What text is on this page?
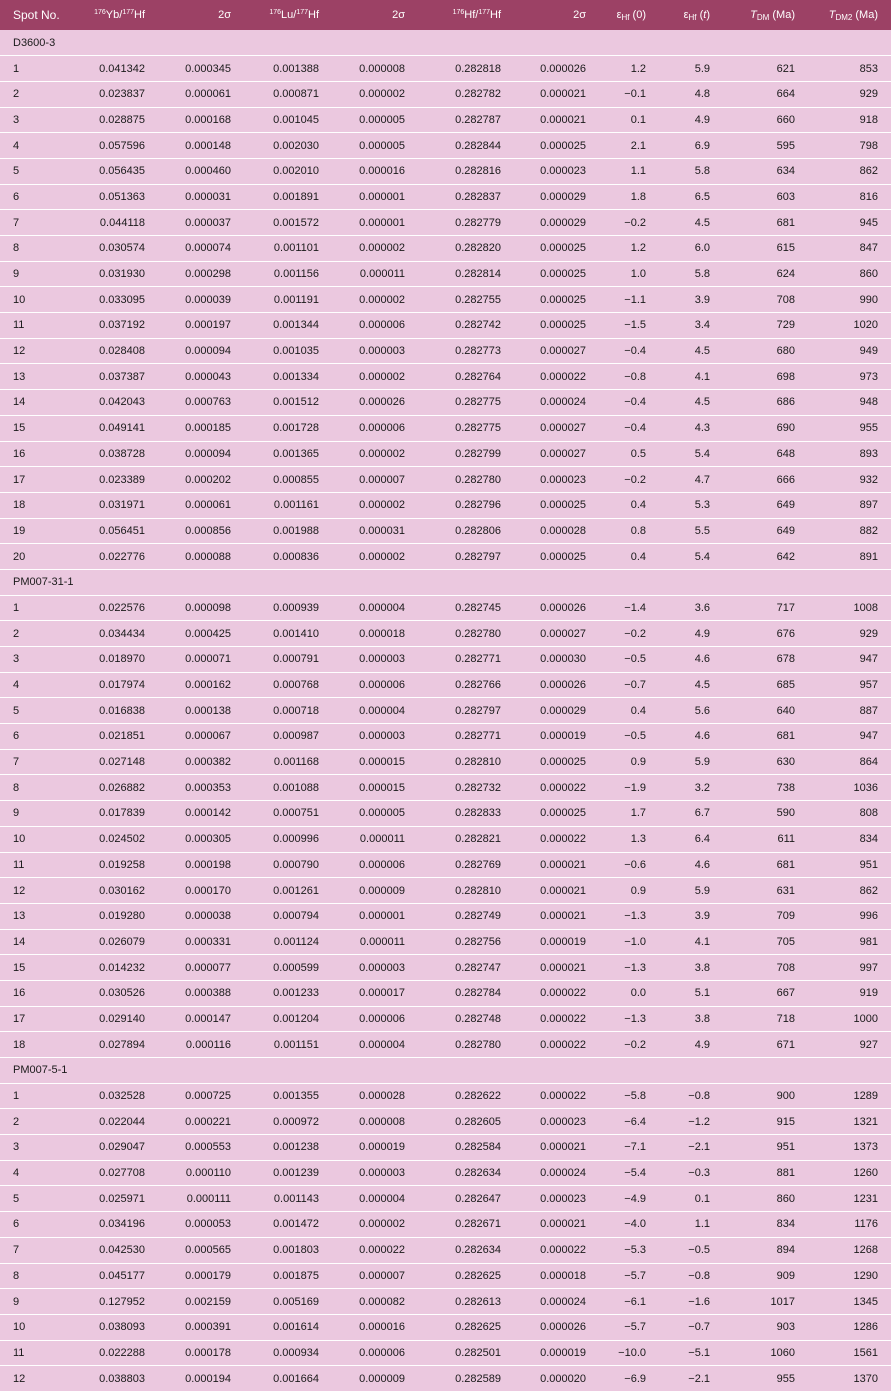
Spot No.	$^{176}$Yb/$^{177}$Hf	2σ	$^{176}$Lu/$^{177}$Hf	2σ	$^{176}$Hf/$^{177}$Hf	2σ	$\varepsilon_{Hf}$ (0)	$\varepsilon_{Hf}$ (t)	$T_{DM}$ (Ma)	$T_{DM2}$ (Ma)
D3600-3										
1	0.041342	0.000345	0.001388	0.000008	0.282818	0.000026	1.2	5.9	621	853
2	0.023837	0.000061	0.000871	0.000002	0.282782	0.000021	−0.1	4.8	664	929
3	0.028875	0.000168	0.001045	0.000005	0.282787	0.000021	0.1	4.9	660	918
4	0.057596	0.000148	0.002030	0.000005	0.282844	0.000025	2.1	6.9	595	798
5	0.056435	0.000460	0.002010	0.000016	0.282816	0.000023	1.1	5.8	634	862
6	0.051363	0.000031	0.001891	0.000001	0.282837	0.000029	1.8	6.5	603	816
7	0.044118	0.000037	0.001572	0.000001	0.282779	0.000029	−0.2	4.5	681	945
8	0.030574	0.000074	0.001101	0.000002	0.282820	0.000025	1.2	6.0	615	847
9	0.031930	0.000298	0.001156	0.000011	0.282814	0.000025	1.0	5.8	624	860
10	0.033095	0.000039	0.001191	0.000002	0.282755	0.000025	−1.1	3.9	708	990
11	0.037192	0.000197	0.001344	0.000006	0.282742	0.000025	−1.5	3.4	729	1020
12	0.028408	0.000094	0.001035	0.000003	0.282773	0.000027	−0.4	4.5	680	949
13	0.037387	0.000043	0.001334	0.000002	0.282764	0.000022	−0.8	4.1	698	973
14	0.042043	0.000763	0.001512	0.000026	0.282775	0.000024	−0.4	4.5	686	948
15	0.049141	0.000185	0.001728	0.000006	0.282775	0.000027	−0.4	4.3	690	955
16	0.038728	0.000094	0.001365	0.000002	0.282799	0.000027	0.5	5.4	648	893
17	0.023389	0.000202	0.000855	0.000007	0.282780	0.000023	−0.2	4.7	666	932
18	0.031971	0.000061	0.001161	0.000002	0.282796	0.000025	0.4	5.3	649	897
19	0.056451	0.000856	0.001988	0.000031	0.282806	0.000028	0.8	5.5	649	882
20	0.022776	0.000088	0.000836	0.000002	0.282797	0.000025	0.4	5.4	642	891
PM007-31-1										
1	0.022576	0.000098	0.000939	0.000004	0.282745	0.000026	−1.4	3.6	717	1008
2	0.034434	0.000425	0.001410	0.000018	0.282780	0.000027	−0.2	4.9	676	929
3	0.018970	0.000071	0.000791	0.000003	0.282771	0.000030	−0.5	4.6	678	947
4	0.017974	0.000162	0.000768	0.000006	0.282766	0.000026	−0.7	4.5	685	957
5	0.016838	0.000138	0.000718	0.000004	0.282797	0.000029	0.4	5.6	640	887
6	0.021851	0.000067	0.000987	0.000003	0.282771	0.000019	−0.5	4.6	681	947
7	0.027148	0.000382	0.001168	0.000015	0.282810	0.000025	0.9	5.9	630	864
8	0.026882	0.000353	0.001088	0.000015	0.282732	0.000022	−1.9	3.2	738	1036
9	0.017839	0.000142	0.000751	0.000005	0.282833	0.000025	1.7	6.7	590	808
10	0.024502	0.000305	0.000996	0.000011	0.282821	0.000022	1.3	6.4	611	834
11	0.019258	0.000198	0.000790	0.000006	0.282769	0.000021	−0.6	4.6	681	951
12	0.030162	0.000170	0.001261	0.000009	0.282810	0.000021	0.9	5.9	631	862
13	0.019280	0.000038	0.000794	0.000001	0.282749	0.000021	−1.3	3.9	709	996
14	0.026079	0.000331	0.001124	0.000011	0.282756	0.000019	−1.0	4.1	705	981
15	0.014232	0.000077	0.000599	0.000003	0.282747	0.000021	−1.3	3.8	708	997
16	0.030526	0.000388	0.001233	0.000017	0.282784	0.000022	0.0	5.1	667	919
17	0.029140	0.000147	0.001204	0.000006	0.282748	0.000022	−1.3	3.8	718	1000
18	0.027894	0.000116	0.001151	0.000004	0.282780	0.000022	−0.2	4.9	671	927
PM007-5-1										
1	0.032528	0.000725	0.001355	0.000028	0.282622	0.000022	−5.8	−0.8	900	1289
2	0.022044	0.000221	0.000972	0.000008	0.282605	0.000023	−6.4	−1.2	915	1321
3	0.029047	0.000553	0.001238	0.000019	0.282584	0.000021	−7.1	−2.1	951	1373
4	0.027708	0.000110	0.001239	0.000003	0.282634	0.000024	−5.4	−0.3	881	1260
5	0.025971	0.000111	0.001143	0.000004	0.282647	0.000023	−4.9	0.1	860	1231
6	0.034196	0.000053	0.001472	0.000002	0.282671	0.000021	−4.0	1.1	834	1176
7	0.042530	0.000565	0.001803	0.000022	0.282634	0.000022	−5.3	−0.5	894	1268
8	0.045177	0.000179	0.001875	0.000007	0.282625	0.000018	−5.7	−0.8	909	1290
9	0.127952	0.002159	0.005169	0.000082	0.282613	0.000024	−6.1	−1.6	1017	1345
10	0.038093	0.000391	0.001614	0.000016	0.282625	0.000026	−5.7	−0.7	903	1286
11	0.022288	0.000178	0.000934	0.000006	0.282501	0.000019	−10.0	−5.1	1060	1561
12	0.038803	0.000194	0.001664	0.000009	0.282589	0.000020	−6.9	−2.1	955	1370
